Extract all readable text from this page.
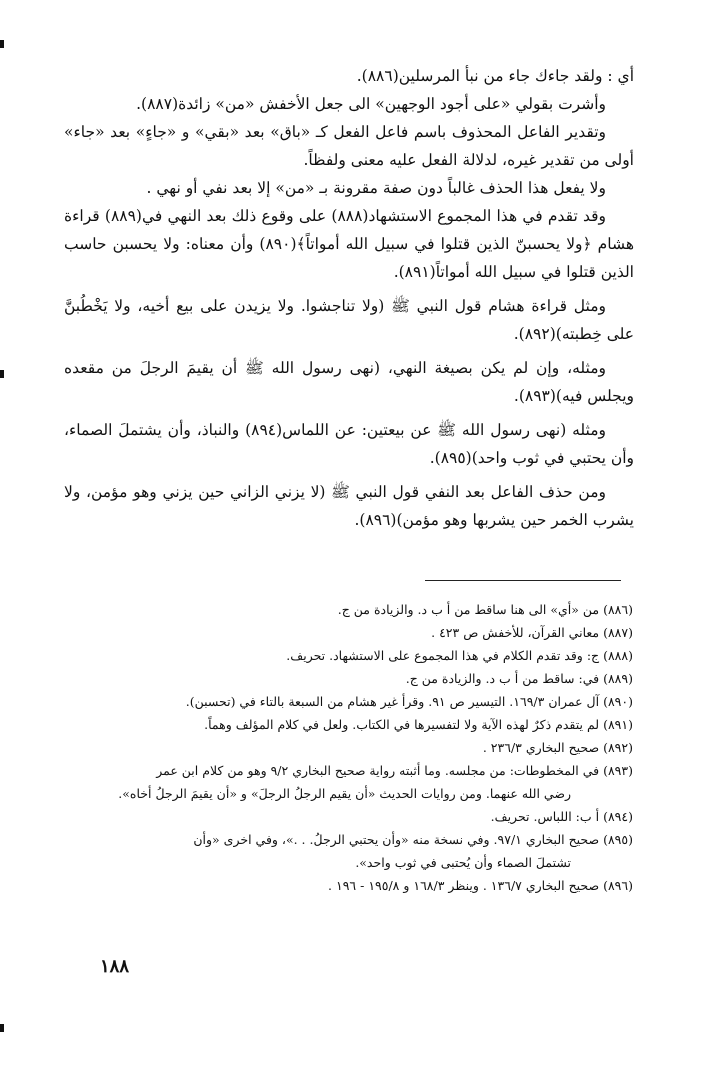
أي : ولقد جاءك جاء من نبأ المرسلين(٨٨٦).

وأشرت بقولي «على أجود الوجهين» الى جعل الأخفش «من» زائدة(٨٨٧).

وتقدير الفاعل المحذوف باسم فاعل الفعل كـ «باق» بعد «بقي» و «جاءٍ» بعد «جاء» أولى من تقدير غيره، لدلالة الفعل عليه معنى ولفظاً.

ولا يفعل هذا الحذف غالباً دون صفة مقرونة بـ «من» إلا بعد نفي أو نهي .

وقد تقدم في هذا المجموع الاستشهاد(٨٨٨) على وقوع ذلك بعد النهي في(٨٨٩) قراءة هشام ﴿ولا يحسبنّ الذين قتلوا في سبيل الله أمواتاً﴾(٨٩٠) وأن معناه: ولا يحسبن حاسب الذين قتلوا في سبيل الله أمواتاً(٨٩١).

ومثل قراءة هشام قول النبي ﷺ (ولا تناجشوا. ولا يزيدن على بيع أخيه، ولا يَخْطُبنَّ على خِطبته)(٨٩٢).

ومثله، وإن لم يكن بصيغة النهي، (نهى رسول الله ﷺ أن يقيمَ الرجلَ من مقعده ويجلس فيه)(٨٩٣).

ومثله (نهى رسول الله ﷺ عن بيعتين: عن اللماس(٨٩٤) والنباذ، وأن يشتملَ الصماء، وأن يحتبي في ثوب واحد)(٨٩٥).

ومن حذف الفاعل بعد النفي قول النبي ﷺ (لا يزني الزاني حين يزني وهو مؤمن، ولا يشرب الخمر حين يشربها وهو مؤمن)(٨٩٦).

(٨٨٦) من «أي» الى هنا ساقط من أ ب د. والزيادة من ج.

(٨٨٧) معاني القرآن، للأخفش ص ٤٢٣ .

(٨٨٨) ج: وقد تقدم الكلام في هذا المجموع على الاستشهاد. تحريف.

(٨٨٩) في: ساقط من أ ب د. والزيادة من ج.

(٨٩٠) آل عمران ١٦٩/٣. التيسير ص ٩١. وقرأ غير هشام من السبعة بالتاء في (تحسبن).

(٨٩١) لم يتقدم ذكرٌ لهذه الآية ولا لتفسيرها في الكتاب. ولعل في كلام المؤلف وهماً.

(٨٩٢) صحيح البخاري ٢٣٦/٣ .

(٨٩٣) في المخطوطات: من مجلسه. وما أثبته رواية صحيح البخاري ٩/٢ وهو من كلام ابن عمر

رضي الله عنهما. ومن روايات الحديث «أن يقيم الرجلُ الرجلَ» و «أن يقيمَ الرجلُ أخاه».

(٨٩٤) أ ب: اللباس. تحريف.

(٨٩٥) صحيح البخاري ٩٧/١. وفي نسخة منه «وأن يحتبي الرجلُ. . .»، وفي اخرى «وأن

تشتملَ الصماء وأن يُحتبى في ثوب واحد».

(٨٩٦) صحيح البخاري ١٣٦/٧ . وينظر ١٦٨/٣ و ١٩٥/٨ - ١٩٦ .

١٨٨
